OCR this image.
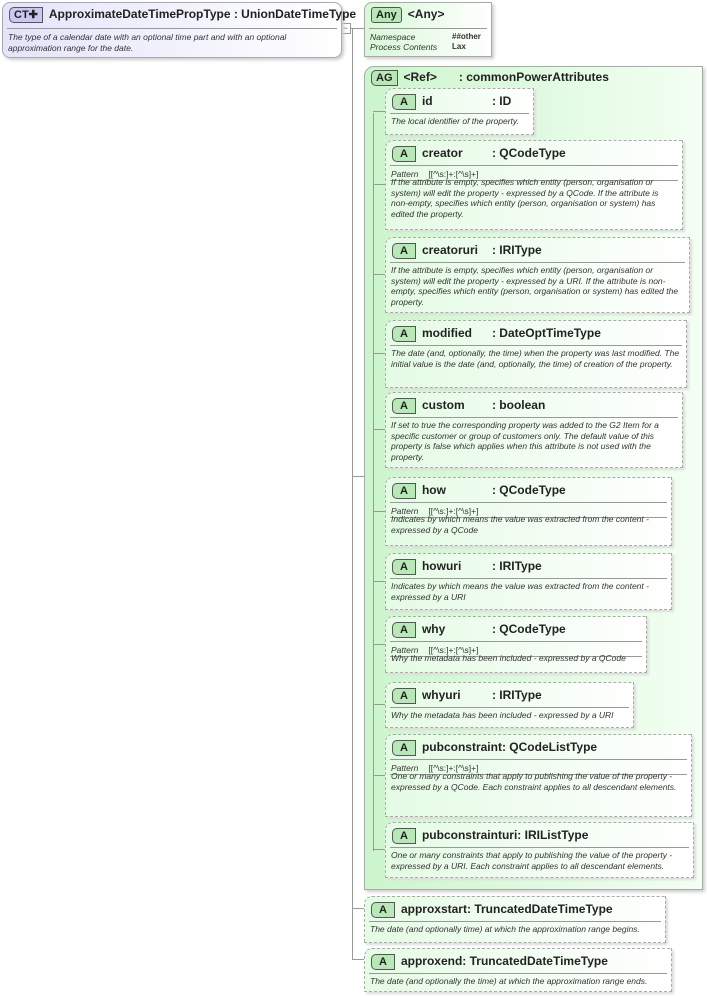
−
CT✚ ApproximateDateTimePropType : UnionDateTimeType
The type of a calendar date with an optional time part and with an optional approximation range for the date.
Any <Any>
Namespace	##other
Process Contents Lax
AG <Ref> : commonPowerAttributes
A id	: ID
The local identifier of the property.
A creator : QCodeType
Pattern [[^\s:]+:[^\s]+]
If the attribute is empty, specifies which entity (person, organisation or system) will edit the property - expressed by a QCode. If the attribute is non-empty, specifies which entity (person, organisation or system) has edited the property.
A creatoruri : IRIType
If the attribute is empty, specifies which entity (person, organisation or system) will edit the property - expressed by a URI. If the attribute is non-empty, specifies which entity (person, organisation or system) has edited the property.
A modified : DateOptTimeType
The date (and, optionally, the time) when the property was last modified. The initial value is the date (and, optionally, the time) of creation of the property.
A custom : boolean
If set to true the corresponding property was added to the G2 Item for a specific customer or group of customers only. The default value of this property is false which applies when this attribute is not used with the property.
A how	: QCodeType
Pattern [[^\s:]+:[^\s]+]
Indicates by which means the value was extracted from the content - expressed by a QCode
A howuri	: IRIType
Indicates by which means the value was extracted from the content - expressed by a URI
A why	: QCodeType
Pattern [[^\s:]+:[^\s]+]
Why the metadata has been included - expressed by a QCode
A whyuri	: IRIType
Why the metadata has been included - expressed by a URI
A pubconstraint: QCodeListType
Pattern [[^\s:]+:[^\s]+]
One or many constraints that apply to publishing the value of the property - expressed by a QCode. Each constraint applies to all descendant elements.
A pubconstrainturi: IRIListType
One or many constraints that apply to publishing the value of the property - expressed by a URI. Each constraint applies to all descendant elements.
A approxstart: TruncatedDateTimeType
The date (and optionally time) at which the approximation range begins.
A approxend: TruncatedDateTimeType
The date (and optionally the time) at which the approximation range ends.
